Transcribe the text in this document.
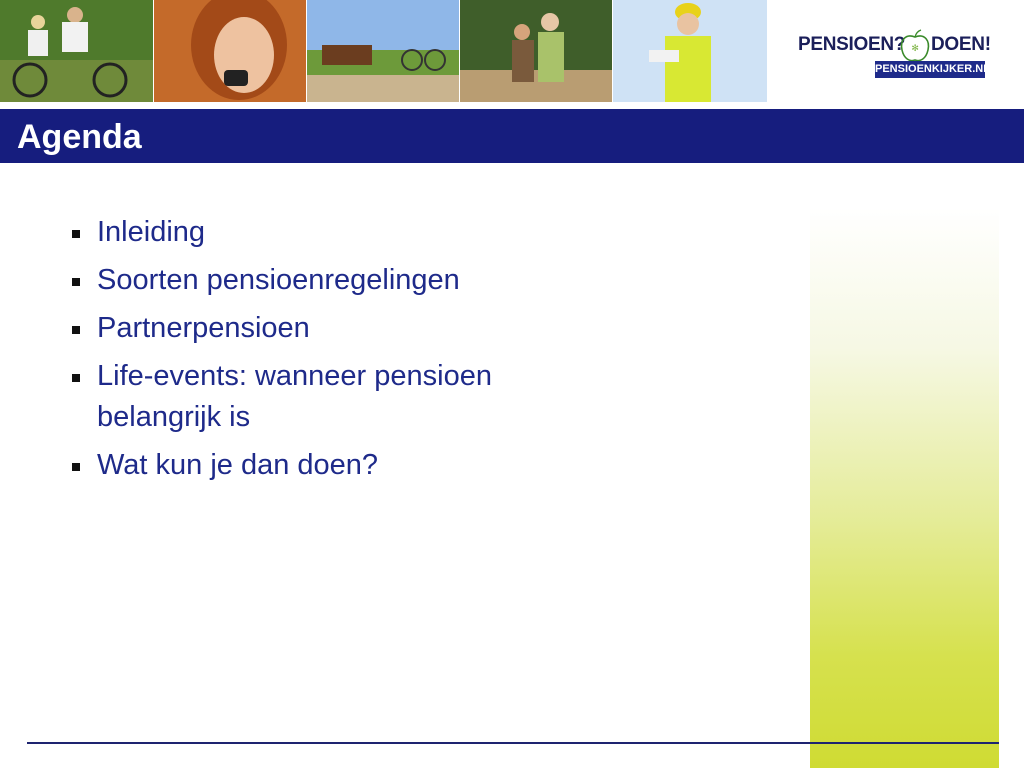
PENSIOEN? ✻ DOEN!
PENSIOENKIJKER.NL
Agenda
Inleiding
Soorten pensioenregelingen
Partnerpensioen
Life-events: wanneer pensioen belangrijk is
Wat kun je dan doen?
